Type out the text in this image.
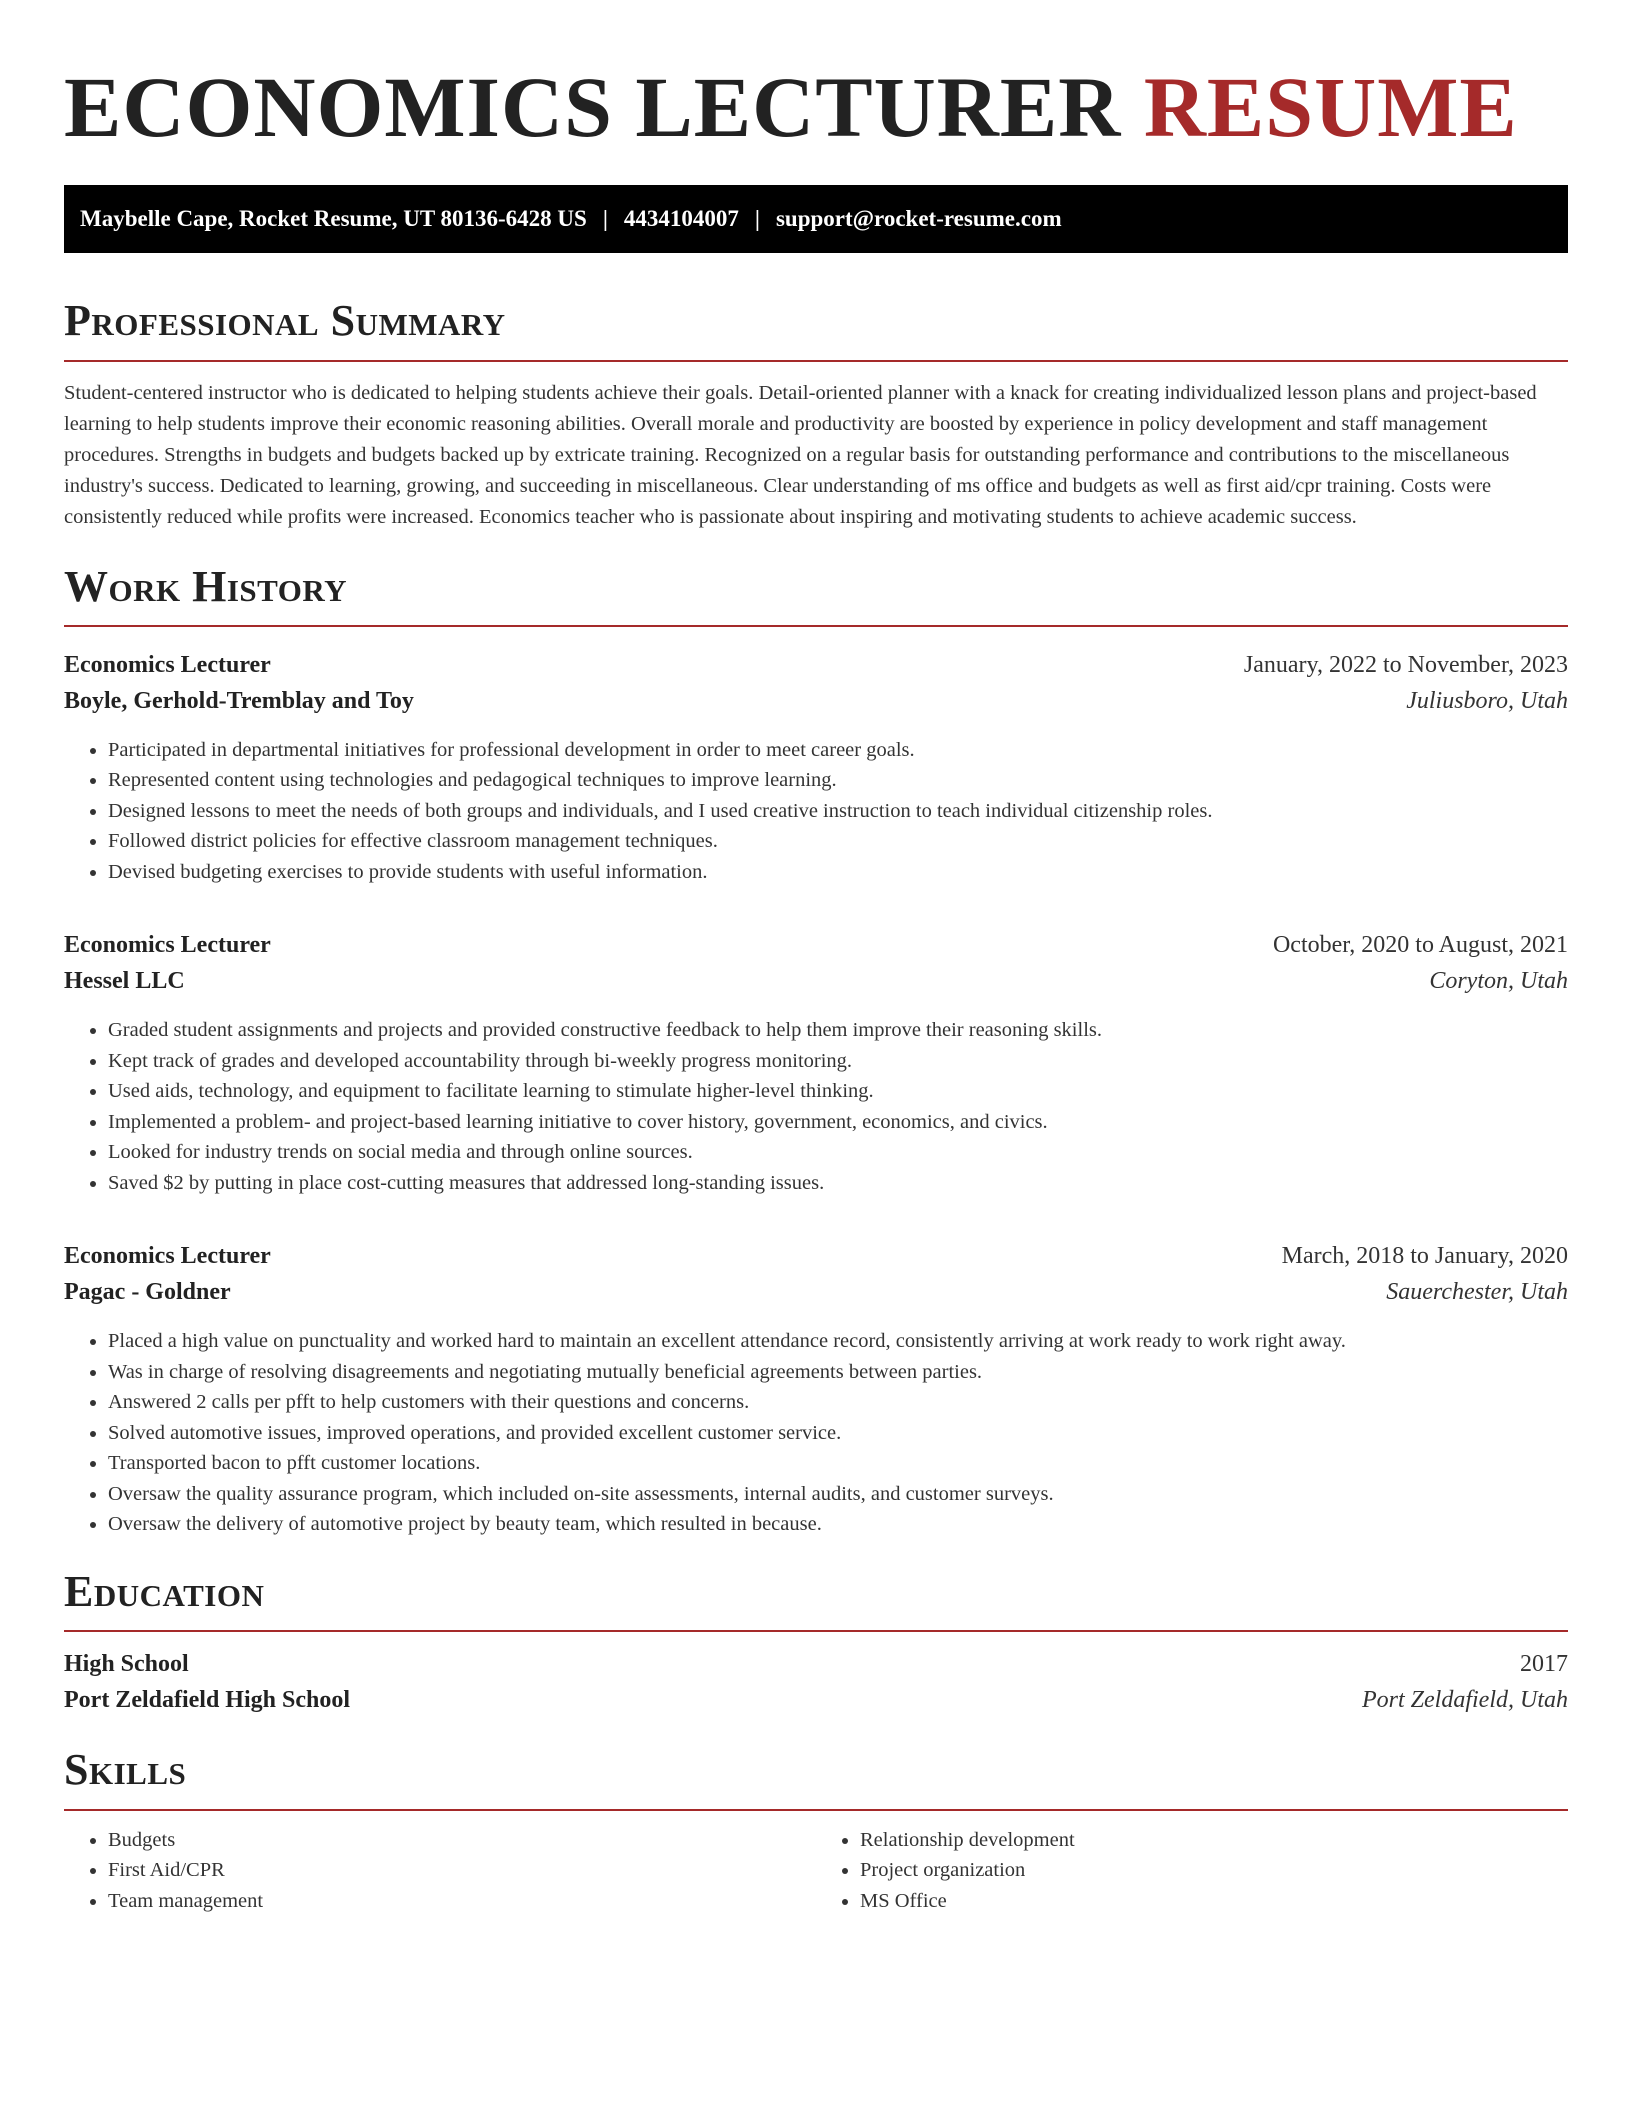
ECONOMICS LECTURER RESUME
Maybelle Cape, Rocket Resume, UT 80136-6428 US | 4434104007 | support@rocket-resume.com
Professional Summary

Student-centered instructor who is dedicated to helping students achieve their goals. Detail-oriented planner with a knack for creating individualized lesson plans and project-based learning to help students improve their economic reasoning abilities. Overall morale and productivity are boosted by experience in policy development and staff management procedures. Strengths in budgets and budgets backed up by extricate training. Recognized on a regular basis for outstanding performance and contributions to the miscellaneous industry's success. Dedicated to learning, growing, and succeeding in miscellaneous. Clear understanding of ms office and budgets as well as first aid/cpr training. Costs were consistently reduced while profits were increased. Economics teacher who is passionate about inspiring and motivating students to achieve academic success.

Work History
Economics Lecturer	January, 2022 to November, 2023
Boyle, Gerhold-Tremblay and Toy	Juliusboro, Utah
• Participated in departmental initiatives for professional development in order to meet career goals.
• Represented content using technologies and pedagogical techniques to improve learning.
• Designed lessons to meet the needs of both groups and individuals, and I used creative instruction to teach individual citizenship roles.
• Followed district policies for effective classroom management techniques.
• Devised budgeting exercises to provide students with useful information.
Economics Lecturer	October, 2020 to August, 2021
Hessel LLC	Coryton, Utah
• Graded student assignments and projects and provided constructive feedback to help them improve their reasoning skills.
• Kept track of grades and developed accountability through bi-weekly progress monitoring.
• Used aids, technology, and equipment to facilitate learning to stimulate higher-level thinking.
• Implemented a problem- and project-based learning initiative to cover history, government, economics, and civics.
• Looked for industry trends on social media and through online sources.
• Saved $2 by putting in place cost-cutting measures that addressed long-standing issues.
Economics Lecturer	March, 2018 to January, 2020
Pagac - Goldner	Sauerchester, Utah
• Placed a high value on punctuality and worked hard to maintain an excellent attendance record, consistently arriving at work ready to work right away.
• Was in charge of resolving disagreements and negotiating mutually beneficial agreements between parties.
• Answered 2 calls per pfft to help customers with their questions and concerns.
• Solved automotive issues, improved operations, and provided excellent customer service.
• Transported bacon to pfft customer locations.
• Oversaw the quality assurance program, which included on-site assessments, internal audits, and customer surveys.
• Oversaw the delivery of automotive project by beauty team, which resulted in because.
Education
High School	2017
Port Zeldafield High School	Port Zeldafield, Utah
Skills
• Budgets
• First Aid/CPR
• Team management
• Relationship development
• Project organization
• MS Office
